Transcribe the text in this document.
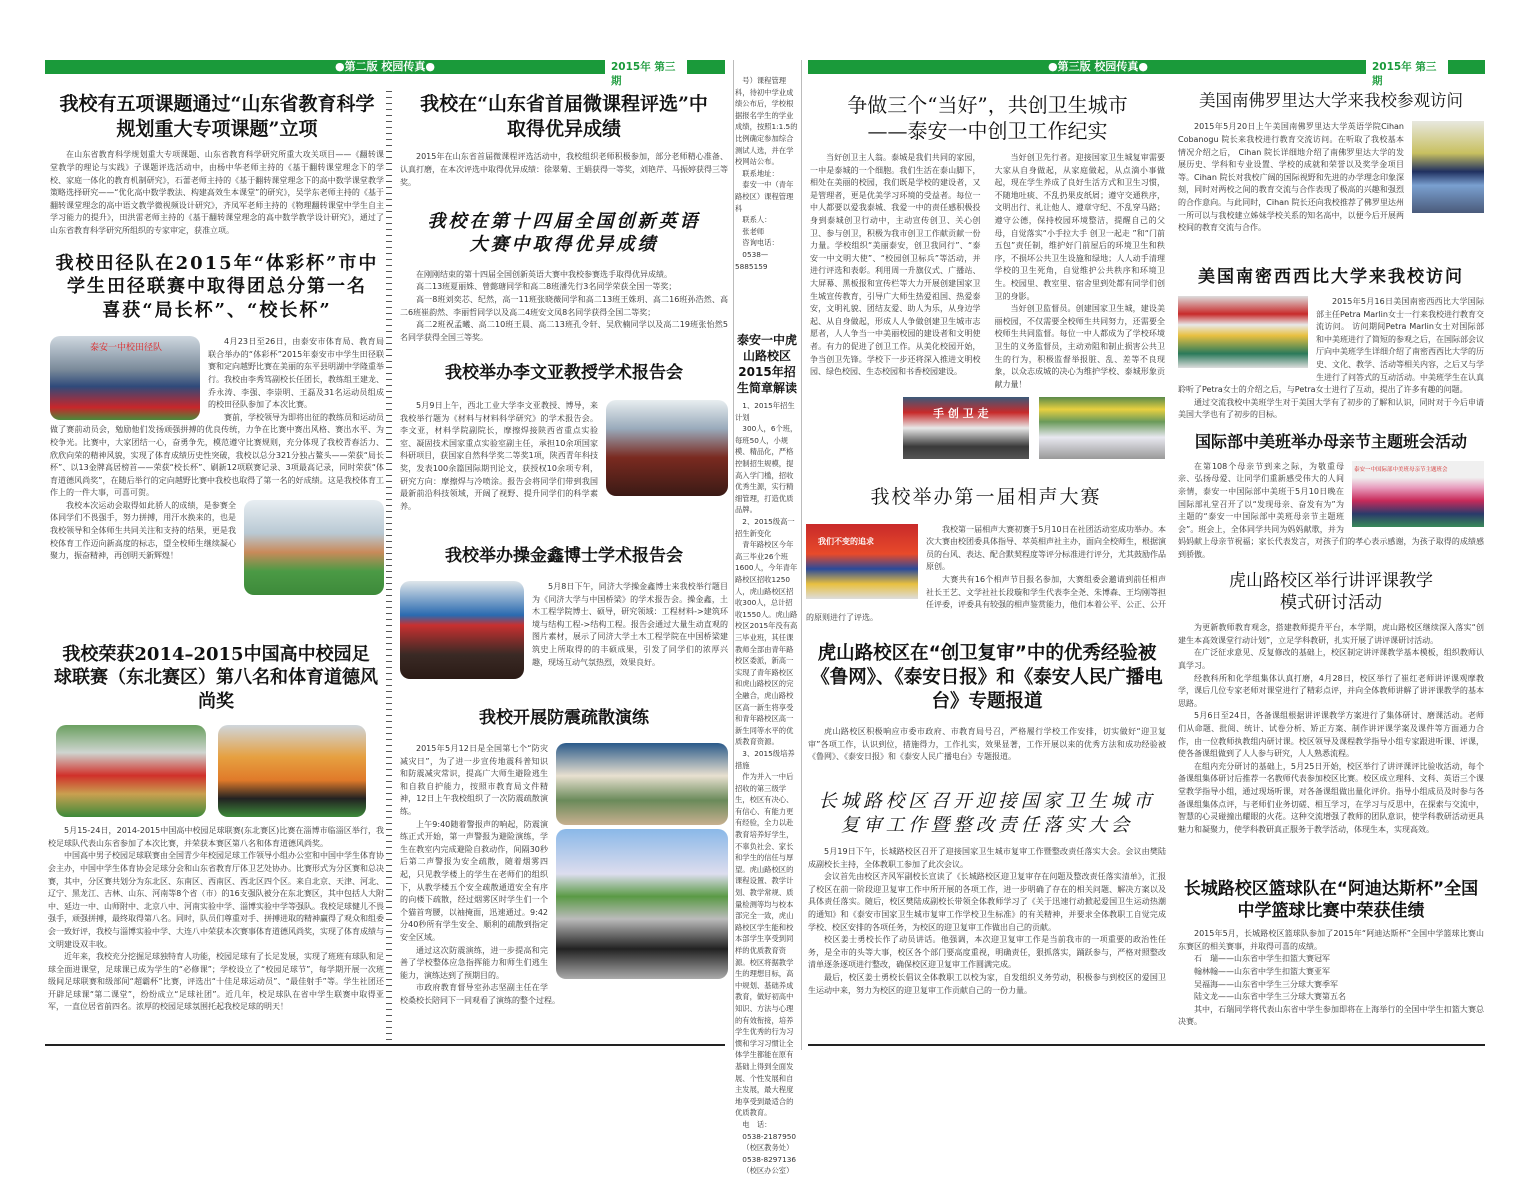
●第二版 校园传真●	2015年 第三期
●第三版 校园传真●	2015年 第三期
我校有五项课题通过“山东省教育科学规划重大专项课题”立项

在山东省教育科学规划重大专项课题、山东省教育科学研究所重大攻关项目——《翻转课堂教学的理论与实践》子课题评选活动中，由杨中华老师主持的《基于翻转课堂理念下的学校、家庭一体化的教育机制研究》，石蕾老师主持的《基于翻转课堂理念下的高中数学课堂教学策略选择研究——“优化高中数学教法、构建高效生本课堂”的研究》，吴学东老师主持的《基于翻转课堂理念的高中语文教学微视频设计研究》，齐凤军老师主持的《物理翻转课堂中学生自主学习能力的提升》，田洪雷老师主持的《基于翻转课堂理念的高中数学教学设计研究》，通过了山东省教育科学研究所组织的专家审定，获准立项。

我校田径队在2015年“体彩杯”市中学生田径联赛中取得团总分第一名 喜获“局长杯”、“校长杯”
泰安一中校田径队

4月23日至26日，由泰安市体育局、教育局联合举办的“体彩杯”2015年泰安市中学生田径联赛和定向越野比赛在美丽的东平县明湖中学隆重举行。我校由李秀笃副校长任团长，教练组王建龙、乔永涛、李强、李崇明、王磊及31名运动员组成的校田径队参加了本次比赛。

赛前，学校领导为即将出征的教练员和运动员做了赛前动员会，勉励他们发扬顽强拼搏的优良传统，力争在比赛中赛出风格、赛出水平、为校争光。比赛中，大家团结一心，奋勇争先，模范遵守比赛规则，充分体现了我校青春活力、欣欣向荣的精神风貌，实现了体育成绩历史性突破，我校以总分321分独占鳌头——荣获“局长杯”、以13金牌高居榜首——荣获“校长杯”、刷新12项联赛记录、3项最高记录，同时荣获“体育道德风尚奖”，在随后举行的定向越野比赛中我校也取得了第一名的好成绩。这是我校体育工作上的一件大事，可喜可贺。

我校本次运动会取得如此骄人的成绩，是参赛全体同学们不畏强手，努力拼搏，用汗水换来的，也是我校领导和全体师生共同关注和支持的结果，更是我校体育工作迈向新高度的标志，望全校师生继续凝心聚力，振奋精神，再创明天新辉煌！

我校荣获2014–2015中国高中校园足球联赛（东北赛区）第八名和体育道德风尚奖

5月15-24日，2014-2015中国高中校园足球联赛(东北赛区)比赛在淄博市临淄区举行，我校足球队代表山东省参加了本次比赛，并荣获本赛区第八名和体育道德风尚奖。

中国高中男子校园足球联赛由全国青少年校园足球工作领导小组办公室和中国中学生体育协会主办，中国中学生体育协会足球分会和山东省教育厅体卫艺处协办。比赛形式为分区赛和总决赛，其中，分区赛共划分为东北区、东南区、西南区、西北区四个区。来自北京、天津、河北、辽宁、黑龙江、吉林、山东、河南等8个省（市）的16支强队被分在东北赛区，其中包括人大附中、延边一中、山师附中、北京八中、河南实验中学、淄博实验中学等强队。我校足球健儿不畏强手，顽强拼搏，最终取得第八名。同时，队员们尊重对手、拼搏进取的精神赢得了观众和组委会一致好评，我校与淄博实验中学、大连八中荣获本次赛事体育道德风尚奖，实现了体育成绩与文明建设双丰收。

近年来，我校充分挖掘足球独特育人功能，校园足球有了长足发展，实现了班班有球队和足球全面进课堂，足球课已成为学生的“必修课”；学校设立了“校园足球节”，每学期开展一次班级间足球联赛和级部间“超霸杯”比赛，评选出“十佳足球运动员”、“最佳射手”等。学生社团还开辟足球课“第二课堂”，纷纷成立“足球社团”。近几年，校足球队在省中学生联赛中取得亚军，一直位居省前四名。浓厚的校园足球氛围托起我校足球的明天！

我校在“山东省首届微课程评选”中取得优异成绩

2015年在山东省首届微课程评选活动中，我校组织老师积极参加，部分老师精心准备、认真打磨，在本次评选中取得优异成绩：徐翠菊、王娟获得一等奖，刘艳芹、马振婷获得三等奖。

我校在第十四届全国创新英语大赛中取得优异成绩

在刚刚结束的第十四届全国创新英语大赛中我校参赛选手取得优异成绩。

高二13班夏丽姝、曾懿瑭同学和高二8班潘先行3名同学荣获全国一等奖；

高一8班刘奕芯、纪然，高一11班张晓薇同学和高二13班王姝玥、高二16班孙浩然、高二6班崔韵然、李丽哲同学以及高二4班安文凤8名同学获得全国二等奖；

高二2班祝孟曦、高二10班王晨、高二13班孔令轩、吴欣楠同学以及高二19班张怡然5名同学获得全国三等奖。

我校举办李文亚教授学术报告会

5月9日上午，西北工业大学李文亚教授、博导，来我校举行题为《材料与材料科学研究》的学术报告会。李文亚，材料学院副院长，摩擦焊接陕西省重点实验室、凝固技术国家重点实验室副主任，承担10余项国家科研项目，获国家自然科学奖二等奖1项，陕西青年科技奖，发表100余篇国际期刊论文，获授权10余项专利，研究方向：摩擦焊与冷喷涂。报告会将同学们带到我国最新前沿科技领域，开阔了视野、提升同学们的科学素养。

我校举办操金鑫博士学术报告会

5月8日下午，同济大学操金鑫博士来我校举行题目为《同济大学与中国桥梁》的学术报告会。操金鑫，土木工程学院博士、硕导，研究领域：工程材料->建筑环境与结构工程->结构工程。报告会通过大量生动直观的图片素材，展示了同济大学土木工程学院在中国桥梁建筑史上所取得的的丰硕成果，引发了同学们的浓厚兴趣，现场互动气氛热烈，效果良好。

我校开展防震疏散演练

2015年5月12日是全国第七个“防灾减灾日”，为了进一步宣传地震科普知识和防震减灾常识，提高广大师生避险逃生和自救自护能力，按照市教育局文件精神，12日上午我校组织了一次防震疏散演练。

上午9:40随着警报声的响起，防震演练正式开始，第一声警报为避险演练，学生在教室内完成避险自救动作，间隔30秒后第二声警报为安全疏散，随着烟雾四起，只见教学楼上的学生在老师们的组织下，从教学楼五个安全疏散通道安全有序的向楼下疏散，经过烟雾区时学生们一个个猫首弯腰，以袖掩面，迅速通过。9:42分40秒所有学生安全、顺利的疏散到指定安全区域。

通过这次防震演练，进一步提高和完善了学校整体应急指挥能力和师生们逃生能力，演练达到了预期目的。

市政府教育督导室孙志坚副主任在学校桑校长陪同下一同观看了演练的整个过程。

号）课程管理科，待初中学业成绩公布后，学校根据报名学生的学业成绩，按照1:1.5的比例确定参加综合测试人选，并在学校网站公布。

联系地址：

泰安一中（青年路校区）课程管理科

联系人：

张老师

咨询电话：

0538—5885159

泰安一中虎山路校区2015年招生简章解读

1、2015年招生计划

300人，6个班，每班50人，小规模、精品化，严格控制招生规模，提高入学门槛，招收优秀生源，实行精细管理，打造优质品牌。

2、2015级高一招生新变化

青年路校区今年高三毕业26个班1600人，今年青年路校区招收1250人，虎山路校区招收300人，总计招收1550人。虎山路校区2015年没有高三毕业班，其任课教师全部由青年路校区委派，新高一实现了青年路校区和虎山路校区的完全融合，虎山路校区高一新生将享受和青年路校区高一新生同等水平的优质教育资源。

3、2015级培养措施

作为并入一中后招收的第三级学生，校区有决心、有信心、有能力更有经验，全力以赴教育培养好学生，不辜负社会、家长和学生的信任与厚望。虎山路校区的课程设置、教学计划、教学常规、质量检测等均与校本部完全一致，虎山路校区学生能和校本部学生享受到同样的优质教育资源。校区将据教学生的理想目标，高中规划、基础养成教育，做好初高中知识、方法与心理的有效衔接，培养学生优秀的行为习惯和学习习惯让全体学生都能在原有基础上得到全面发展、个性发展和自主发展，最大程度地享受到最适合的优质教育。

电　话：

0538-2187950

（校区教务处）

0538-8297136

（校区办公室）

争做三个“当好”，共创卫生城市
——泰安一中创卫工作纪实

当好创卫主人翁。泰城是我们共同的家园，一中是泰城的一个细胞。我们生活在泰山脚下，相处在美丽的校园，我们既是学校的建设者，又是管理者，更是优美学习环境的受益者。每位一中人都要以爱我泰城、我爱一中的责任感积极投身到泰城创卫行动中，主动宣传创卫、关心创卫、参与创卫，积极为我市创卫工作献贡献一份力量。学校组织“美丽泰安，创卫我同行”、“泰安一中文明大使”、“校园创卫标兵”等活动，并进行评选和表彰。利用周一升旗仪式、广播站、大屏幕、黑板报和宣传栏等大力开展创建国家卫生城宣传教育，引导广大师生热爱祖国、热爱泰安，文明礼貌、团结友爱、助人为乐，从身边学起、从自身做起，形成人人争做创建卫生城市志愿者，人人争当一中美丽校园的建设者和文明使者。有力的促进了创卫工作。从美化校园开始，争当创卫先锋。学校下一步还将深入推进文明校园、绿色校园、生态校园和书香校园建设。

当好创卫先行者。迎接国家卫生城复审需要大家从自身做起，从家庭做起，从点滴小事做起，现在学生养成了良好生活方式和卫生习惯，不随地吐痰、不乱扔果皮纸屑；遵守交通秩序，文明出行、礼让他人、遵章守纪、不乱穿马路；遵守公德，保持校园环境整洁，提醒自己的父母，自觉落实“小手拉大手 创卫一起走 ”和“门前五包”责任制，维护好门前屋后的环境卫生和秩序，不损坏公共卫生设施和绿地；人人动手清理学校的卫生死角，自觉维护公共秩序和环境卫生。校园里、教室里、宿舍里到处都有同学们创卫的身影。

当好创卫监督员。创建国家卫生城，建设美丽校园，不仅需要全校师生共同努力，还需要全校师生共同监督。每位一中人都成为了学校环境卫生的义务监督员，主动劝阻和制止损害公共卫生的行为，积极监督举报脏、乱、差等不良现象，以众志成城的决心为维护学校、泰城形象贡献力量！

手 创 卫 走
我校举办第一届相声大赛
我们不变的追求

我校第一届相声大赛初赛于5月10日在社团活动室成功举办。本次大赛由校团委具体指导、萃英相声社主办，面向全校师生，根据演员的台风、表达、配合默契程度等评分标准进行评分，尤其鼓励作品原创。

大赛共有16个相声节目报名参加，大赛组委会邀请到前任相声社长王艺、文学社社长段璇和学生代表李全尧、朱博森、王均刚等担任评委，评委具有较强的相声鉴赏能力，他们本着公平、公正、公开的原则进行了评选。

虎山路校区在“创卫复审”中的优秀经验被《鲁网》、《泰安日报》和《泰安人民广播电台》专题报道

虎山路校区积极响应市委市政府、市教育局号召，严格履行学校工作安排，切实做好“迎卫复审”各项工作，认识到位，措施得力，工作扎实，效果显著，工作开展以来的优秀方法和成功经验被《鲁网》、《泰安日报》和《泰安人民广播电台》专题报道。

长城路校区召开迎接国家卫生城市复审工作暨整改责任落实大会

5月19日下午，长城路校区召开了迎接国家卫生城市复审工作暨整改责任落实大会。会议由樊陆成副校长主持，全体教职工参加了此次会议。

会议首先由校区齐风军副校长宣读了《长城路校区迎卫复审存在问题及整改责任落实清单》，汇报了校区在前一阶段迎卫复审工作中所开展的各项工作，进一步明确了存在的相关问题、解决方案以及具体责任落实。随后，校区樊陆成副校长带领全体教师学习了《关于迅速行动掀起爱国卫生运动热潮的通知》和《泰安市国家卫生城市复审工作学校卫生标准》的有关精神，并要求全体教职工自觉完成学校、校区安排的各项任务，为校区的迎卫复审工作做出自己的贡献。

校区姜士勇校长作了动员讲话。他强调，本次迎卫复审工作是当前我市的一项重要的政治性任务，是全市的头等大事，校区各个部门要高度重视，明确责任，狠抓落实，踊跃参与，严格对照整改清单逐条逐项进行整改，确保校区迎卫复审工作圆满完成。

最后，校区姜士勇校长倡议全体教职工以校为家，自发组织义务劳动，积极参与到校区的爱国卫生运动中来，努力为校区的迎卫复审工作贡献自己的一份力量。

美国南佛罗里达大学来我校参观访问

2015年5月20日上午美国南佛罗里达大学英语学院Cihan Cobanogu 院长来我校进行教育交流访问。在听取了我校基本情况介绍之后， Cihan 院长详细地介绍了南佛罗里达大学的发展历史、学科和专业设置、学校的成就和荣誉以及奖学金项目等。Cihan 院长对我校广阔的国际视野和先进的办学理念印象深刻，同时对两校之间的教育交流与合作表现了极高的兴趣和强烈的合作意向。与此同时，Cihan 院长还向我校推荐了佛罗里达州一所可以与我校建立姊妹学校关系的知名高中，以便今后开展两校间的教育交流与合作。

美国南密西西比大学来我校访问

2015年5月16日美国南密西西比大学国际部主任Petra Marlin女士一行来我校进行教育交流访问。 访问期间Petra Marlin女士对国际部和中美班进行了简短的参观之后，在国际部会议厅向中美班学生详细介绍了南密西西比大学的历史、文化、教学、活动等相关内容，之后又与学生进行了问答式的互动活动。中美班学生在认真聆听了Petra女士的介绍之后，与Petra女士进行了互动，提出了许多有趣的问题。

通过交流我校中美班学生对于美国大学有了初步的了解和认识，同时对于今后申请美国大学也有了初步的目标。

国际部中美班举办母亲节主题班会活动
泰安一中国际部中美班母亲节主题班会

在第108个母亲节到来之际，为敬重母亲、弘扬母爱、让同学们重新感受伟大的人间亲情，泰安一中国际部中美班于5月10日晚在国际部礼堂召开了以“发现母亲、奋发有为”为主题的“泰安一中国际部中美班母亲节主题班会”。班会上，全体同学共同为妈妈献歌，并为妈妈献上母亲节祝福；家长代表发言，对孩子们的孝心表示感谢，为孩子取得的成绩感到骄傲。

虎山路校区举行讲评课教学模式研讨活动

为更新教师教育观念，搭建教师提升平台，本学期，虎山路校区继续深入落实“创建生本高效课堂行动计划”，立足学科教研，扎实开展了讲评课研讨活动。

在广泛征求意见、反复修改的基础上，校区制定讲评课教学基本模板，组织教师认真学习。

经教科所和化学组集体认真打磨，4月28日，校区举行了崔红老师讲评课观摩教学，课后几位专家老师对课堂进行了精彩点评，并向全体教师讲解了讲评课教学的基本思路。

5月6日至24日，各备课组根据讲评课教学方案进行了集体研讨、磨课活动。老师们从命题、批阅、统计、试卷分析、矫正方案、制作讲评课学案及课件等方面通力合作，由一位教师执教组内研讨课。校区领导及课程教学指导小组专家跟进听课、评课，使各备课组做到了人人参与研究，人人熟悉流程。

在组内充分研讨的基础上，5月25日开始，校区举行了讲评课评比验收活动，每个备课组集体研讨后推荐一名教师代表参加校区比赛。校区成立理科、文科、英语三个课堂教学指导小组，通过现场听课，对各备课组做出量化评价。指导小组成员及时参与各备课组集体点评，与老师们业务切磋、相互学习，在学习与反思中，在探索与交流中，智慧的心灵碰撞出耀眼的火花。这种交流增强了教师的团队意识，使学科教研活动更具魅力和凝聚力，使学科教研真正服务于教学活动，体现生本，实现高效。

长城路校区篮球队在“阿迪达斯杯”全国中学篮球比赛中荣获佳绩

2015年5月，长城路校区篮球队参加了2015年“阿迪达斯杯”全国中学篮球比赛山东赛区的相关赛事，并取得可喜的成绩。

石　瑞——山东省中学生扣篮大赛冠军

翰林翰——山东省中学生扣篮大赛亚军

吴福海——山东省中学生三分球大赛季军

陆文龙——山东省中学生三分球大赛第五名

其中，石瑞同学将代表山东省中学生参加即将在上海举行的全国中学生扣篮大赛总决赛。
